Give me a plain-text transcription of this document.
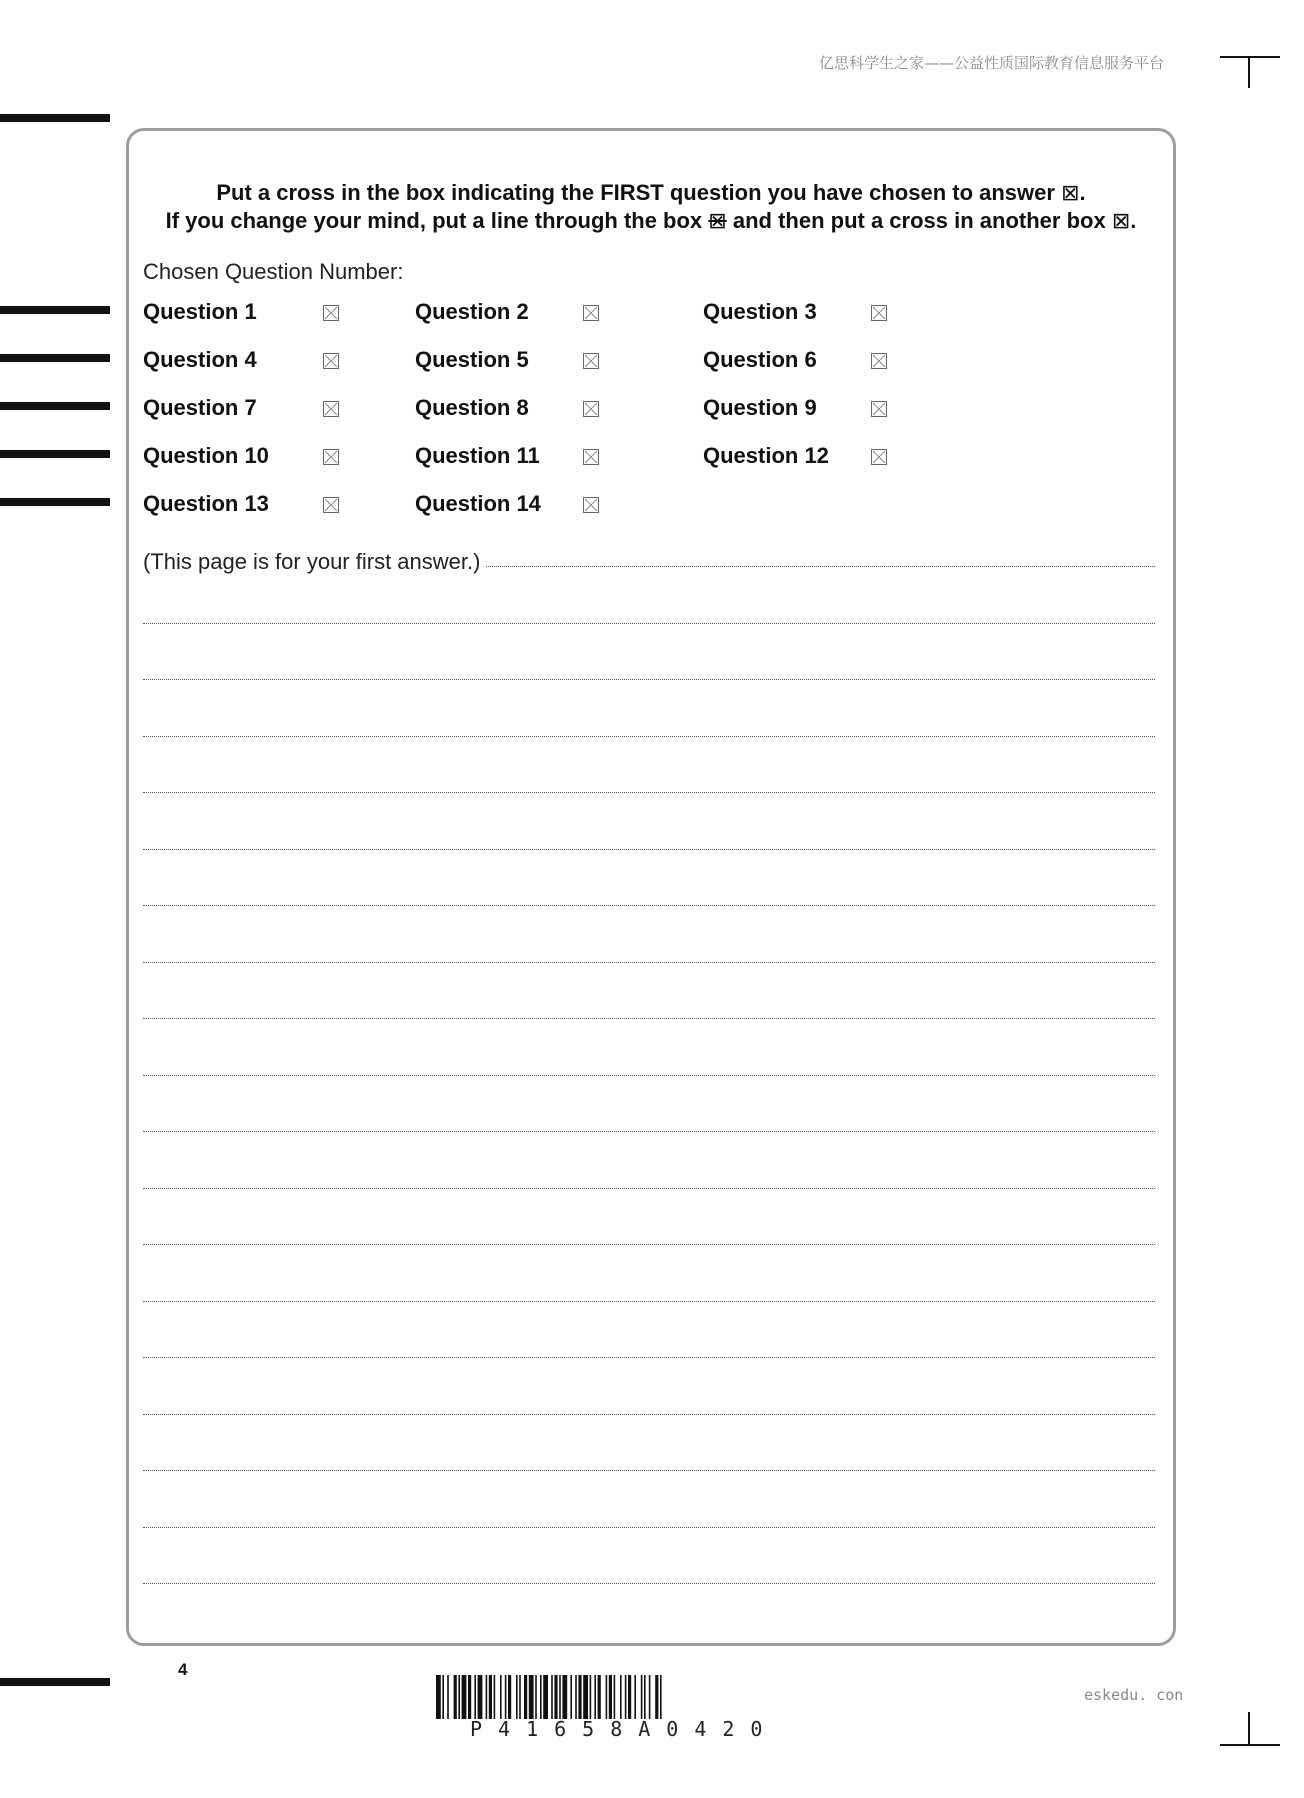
亿思科学生之家——公益性质国际教育信息服务平台
Put a cross in the box indicating the FIRST question you have chosen to answer ⊠.
If you change your mind, put a line through the box ⊠ and then put a cross in another box ⊠.
Chosen Question Number:
Question 1	Question 2	Question 3
Question 4	Question 5	Question 6
Question 7	Question 8	Question 9
Question 10	Question 11	Question 12
Question 13	Question 14
(This page is for your first answer.)
4
P41658A0420
eskedu. con
